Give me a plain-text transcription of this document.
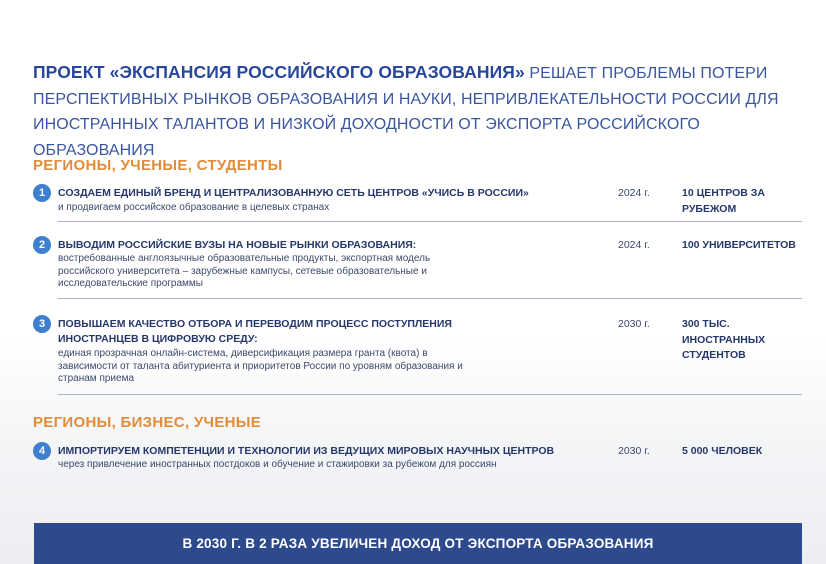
ПРОЕКТ «ЭКСПАНСИЯ РОССИЙСКОГО ОБРАЗОВАНИЯ» РЕШАЕТ ПРОБЛЕМЫ ПОТЕРИ ПЕРСПЕКТИВНЫХ РЫНКОВ ОБРАЗОВАНИЯ И НАУКИ, НЕПРИВЛЕКАТЕЛЬНОСТИ РОССИИ ДЛЯ ИНОСТРАННЫХ ТАЛАНТОВ И НИЗКОЙ ДОХОДНОСТИ ОТ ЭКСПОРТА РОССИЙСКОГО ОБРАЗОВАНИЯ
РЕГИОНЫ, УЧЕНЫЕ, СТУДЕНТЫ
1	СОЗДАЕМ ЕДИНЫЙ БРЕНД И ЦЕНТРАЛИЗОВАННУЮ СЕТЬ ЦЕНТРОВ «УЧИСЬ В РОССИИ»
и продвигаем российское образование в целевых странах
2024 г.	10 ЦЕНТРОВ ЗА РУБЕЖОМ
2	ВЫВОДИМ РОССИЙСКИЕ ВУЗЫ НА НОВЫЕ РЫНКИ ОБРАЗОВАНИЯ:
востребованные англоязычные образовательные продукты, экспортная модель российского университета – зарубежные кампусы, сетевые образовательные и исследовательские программы
2024 г.	100 УНИВЕРСИТЕТОВ
3	ПОВЫШАЕМ КАЧЕСТВО ОТБОРА И ПЕРЕВОДИМ ПРОЦЕСС ПОСТУПЛЕНИЯ ИНОСТРАНЦЕВ В ЦИФРОВУЮ СРЕДУ:
единая прозрачная онлайн-система, диверсификация размера гранта (квота) в зависимости от таланта абитуриента и приоритетов России по уровням образования и странам приема
2030 г.	300 ТЫС. ИНОСТРАННЫХ СТУДЕНТОВ
РЕГИОНЫ, БИЗНЕС, УЧЕНЫЕ
4	ИМПОРТИРУЕМ КОМПЕТЕНЦИИ И ТЕХНОЛОГИИ ИЗ ВЕДУЩИХ МИРОВЫХ НАУЧНЫХ ЦЕНТРОВ
через привлечение иностранных постдоков и обучение и стажировки за рубежом для россиян
2030 г.	5 000 ЧЕЛОВЕК
В 2030 Г. В 2 РАЗА УВЕЛИЧЕН ДОХОД ОТ ЭКСПОРТА ОБРАЗОВАНИЯ
